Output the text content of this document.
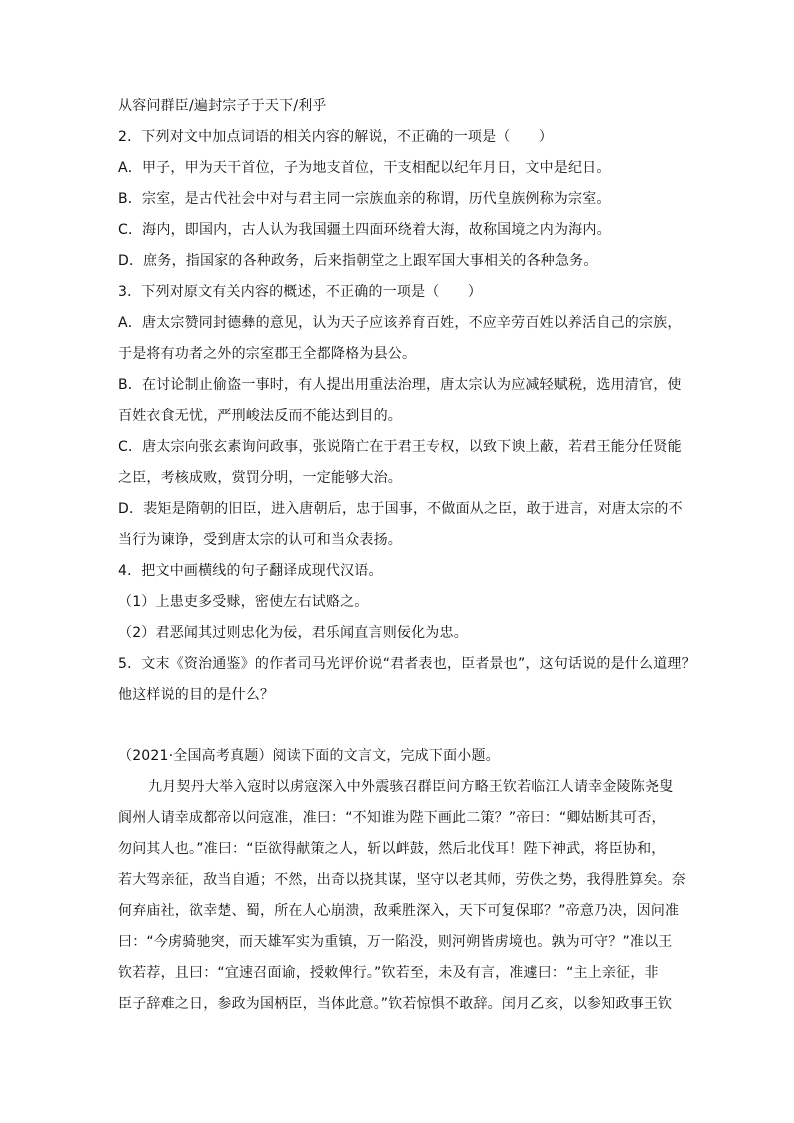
从容问群臣/遍封宗子于天下/利乎
2．下列对文中加点词语的相关内容的解说，不正确的一项是（　　）
A．甲子，甲为天干首位，子为地支首位，干支相配以纪年月日，文中是纪日。
B．宗室，是古代社会中对与君主同一宗族血亲的称谓，历代皇族例称为宗室。
C．海内，即国内，古人认为我国疆土四面环绕着大海，故称国境之内为海内。
D．庶务，指国家的各种政务，后来指朝堂之上跟军国大事相关的各种急务。
3．下列对原文有关内容的概述，不正确的一项是（　　）
A．唐太宗赞同封德彝的意见，认为天子应该养育百姓，不应辛劳百姓以养活自己的宗族，
于是将有功者之外的宗室郡王全都降格为县公。
B．在讨论制止偷盗一事时，有人提出用重法治理，唐太宗认为应减轻赋税，选用清官，使
百姓衣食无忧，严刑峻法反而不能达到目的。
C．唐太宗向张玄素询问政事，张说隋亡在于君王专权，以致下谀上蔽，若君王能分任贤能
之臣，考核成败，赏罚分明，一定能够大治。
D．裴矩是隋朝的旧臣，进入唐朝后，忠于国事，不做面从之臣，敢于进言，对唐太宗的不
当行为谏诤，受到唐太宗的认可和当众表扬。
4．把文中画横线的句子翻译成现代汉语。
（1）上患吏多受赇，密使左右试赂之。
（2）君恶闻其过则忠化为佞，君乐闻直言则佞化为忠。
5．文末《资治通鉴》的作者司马光评价说“君者表也，臣者景也”，这句话说的是什么道理？
他这样说的目的是什么？
（2021·全国高考真题）阅读下面的文言文，完成下面小题。
九月契丹大举入寇时以虏寇深入中外震骇召群臣问方略王钦若临江人请幸金陵陈尧叟
阆州人请幸成都帝以问寇准，准曰：“不知谁为陛下画此二策？”帝曰：“卿姑断其可否，
勿问其人也。”准曰：“臣欲得献策之人，斩以衅鼓，然后北伐耳！陛下神武，将臣协和，
若大驾亲征，敌当自遁；不然，出奇以挠其谋，坚守以老其师，劳佚之势，我得胜算矣。奈
何弃庙社，欲幸楚、蜀，所在人心崩溃，敌乘胜深入，天下可复保耶？”帝意乃决，因问准
曰：“今虏骑驰突，而天雄军实为重镇，万一陷没，则河朔皆虏境也。孰为可守？”准以王
钦若荐，且曰：“宜速召面谕，授敕俾行。”钦若至，未及有言，准遽曰：“主上亲征，非
臣子辞难之日，参政为国柄臣，当体此意。”钦若惊惧不敢辞。闰月乙亥，以参知政事王钦
